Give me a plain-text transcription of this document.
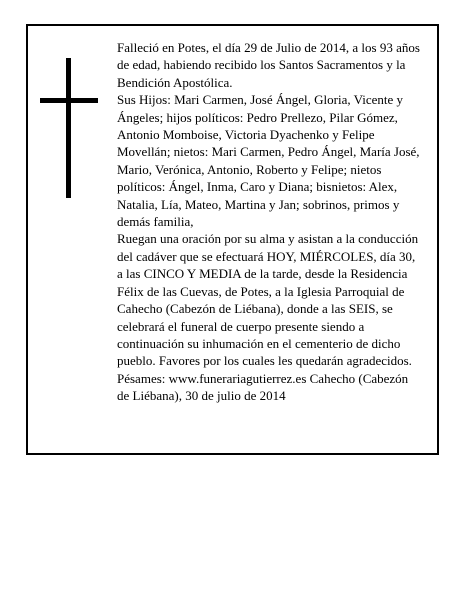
Falleció en Potes, el día 29 de Julio de 2014, a los 93 años de edad, habiendo recibido los Santos Sacramentos y la Bendición Apostólica.

Sus Hijos: Mari Carmen, José Ángel, Gloria, Vicente y Ángeles; hijos políticos: Pedro Prellezo, Pilar Gómez, Antonio Momboise, Victoria Dyachenko y Felipe Movellán; nietos: Mari Carmen, Pedro Ángel, María José, Mario, Verónica, Antonio, Roberto y Felipe; nietos políticos: Ángel, Inma, Caro y Diana; bisnietos: Alex, Natalia, Lía, Mateo, Martina y Jan; sobrinos, primos y demás familia,

Ruegan una oración por su alma y asistan a la conducción del cadáver que se efectuará HOY, MIÉRCOLES, día 30, a las CINCO Y MEDIA de la tarde, desde la Residencia Félix de las Cuevas, de Potes, a la Iglesia Parroquial de Cahecho (Cabezón de Liébana), donde a las SEIS, se celebrará el funeral de cuerpo presente siendo a continuación su inhumación en el cementerio de dicho pueblo. Favores por los cuales les quedarán agradecidos.

Pésames: www.funerariagutierrez.es Cahecho (Cabezón de Liébana), 30 de julio de 2014
